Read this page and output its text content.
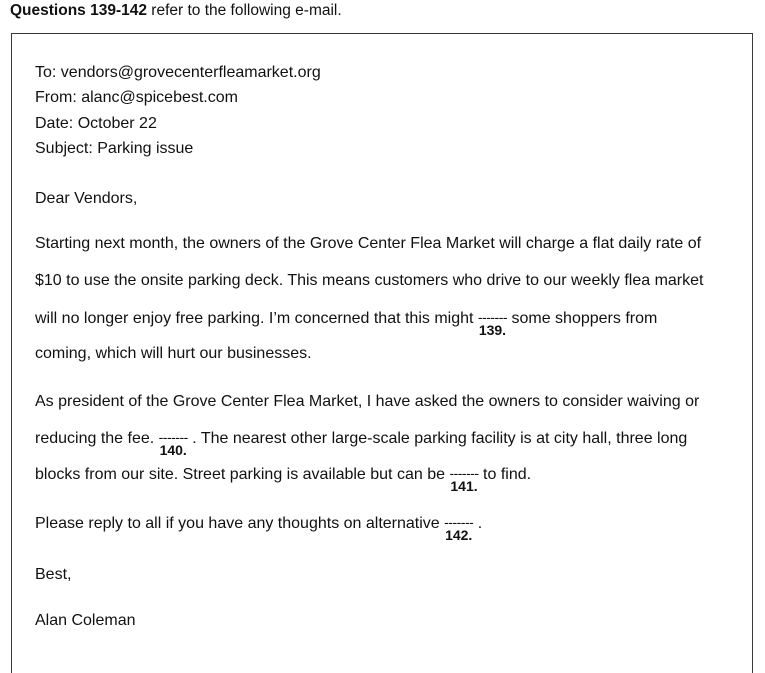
Questions 139-142 refer to the following e-mail.
To: vendors@grovecenterfleamarket.org
From: alanc@spicebest.com
Date: October 22
Subject: Parking issue
Dear Vendors,
Starting next month, the owners of the Grove Center Flea Market will charge a flat daily rate of
$10 to use the onsite parking deck. This means customers who drive to our weekly flea market
will no longer enjoy free parking. I’m concerned that this might -------
139.
some shoppers from
coming, which will hurt our businesses.
As president of the Grove Center Flea Market, I have asked the owners to consider waiving or
reducing the fee. -------
140.
. The nearest other large-scale parking facility is at city hall, three long
blocks from our site. Street parking is available but can be -------
141.
to find.
Please reply to all if you have any thoughts on alternative -------
142.
.
Best,
Alan Coleman
